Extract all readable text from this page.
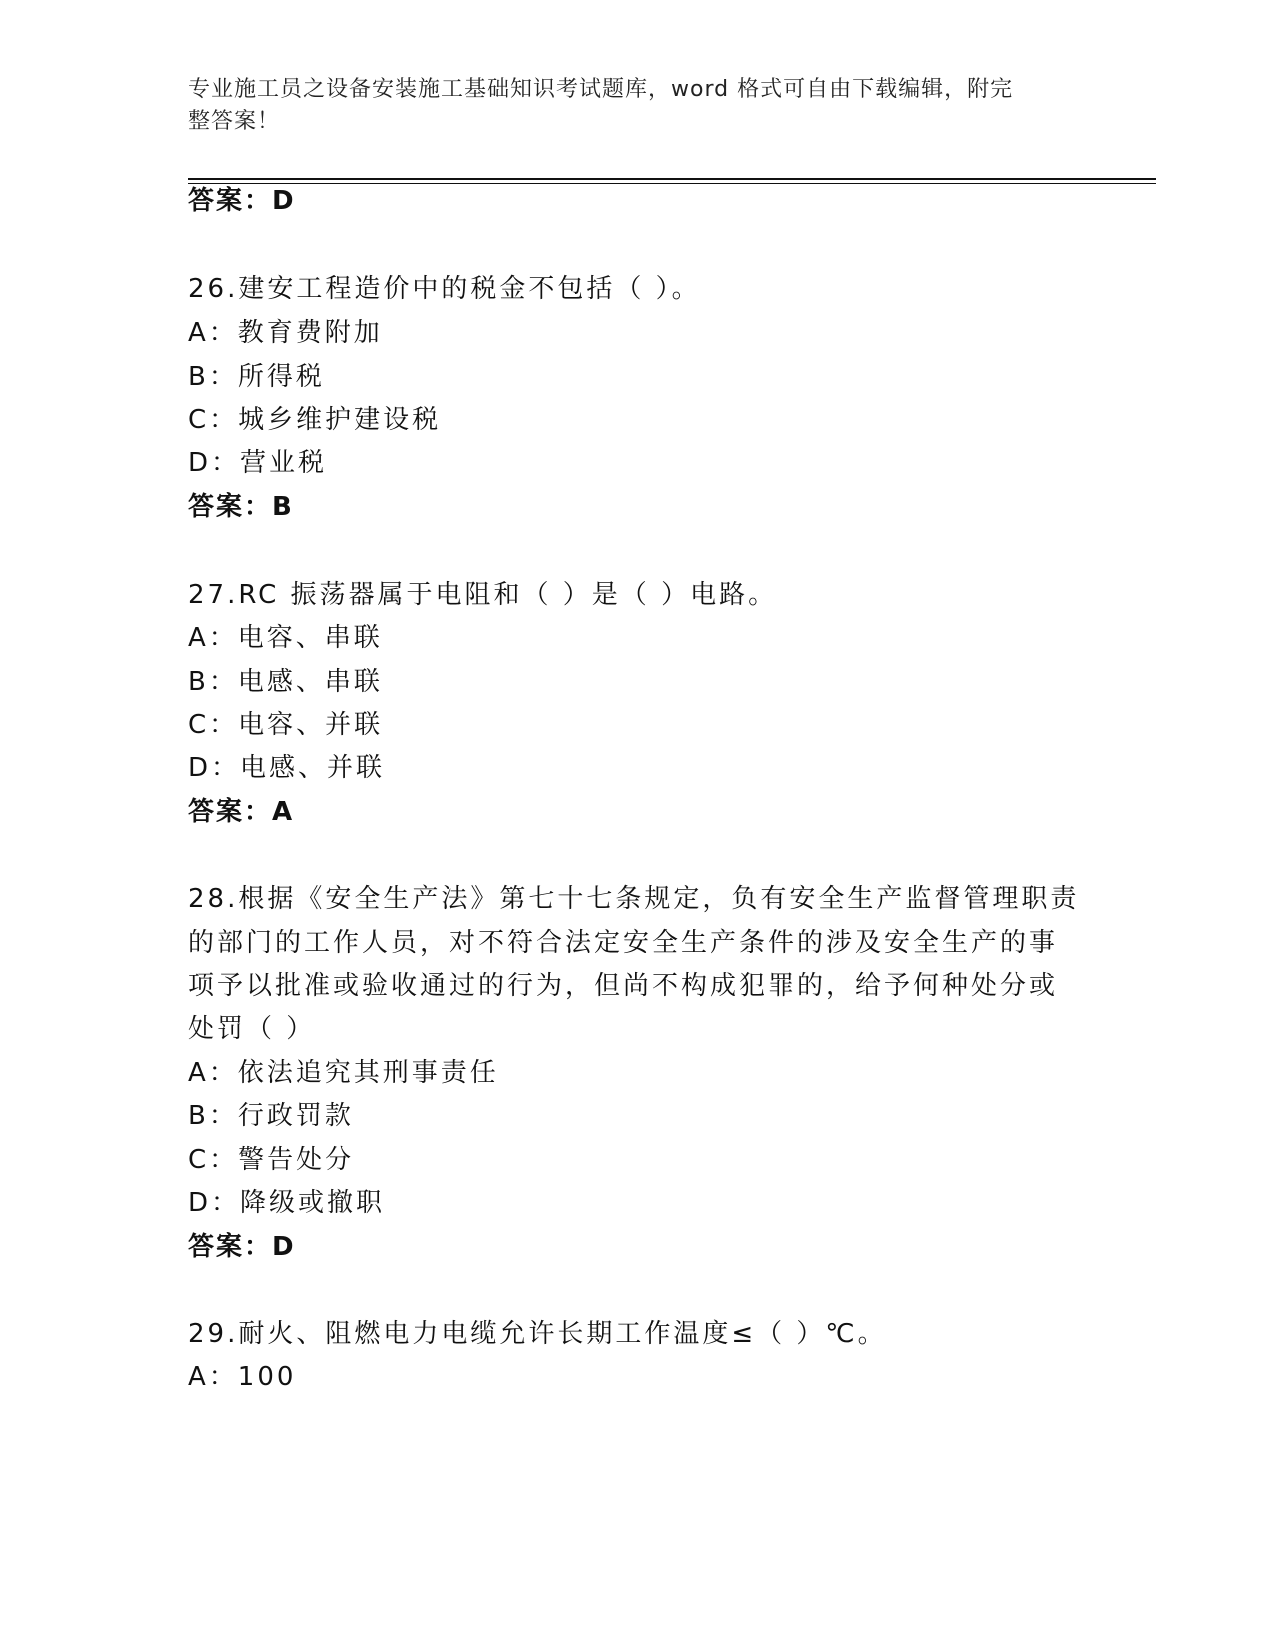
专业施工员之设备安装施工基础知识考试题库，word 格式可自由下载编辑，附完
整答案！
答案：D
26.建安工程造价中的税金不包括（ ）。
A：教育费附加
B：所得税
C：城乡维护建设税
D：营业税
答案：B
27.RC 振荡器属于电阻和（ ）是（ ）电路。
A：电容、串联
B：电感、串联
C：电容、并联
D：电感、并联
答案：A
28.根据《安全生产法》第七十七条规定，负有安全生产监督管理职责
的部门的工作人员，对不符合法定安全生产条件的涉及安全生产的事
项予以批准或验收通过的行为，但尚不构成犯罪的，给予何种处分或
处罚（ ）
A：依法追究其刑事责任
B：行政罚款
C：警告处分
D：降级或撤职
答案：D
29.耐火、阻燃电力电缆允许长期工作温度≤（ ）℃。
A：100
